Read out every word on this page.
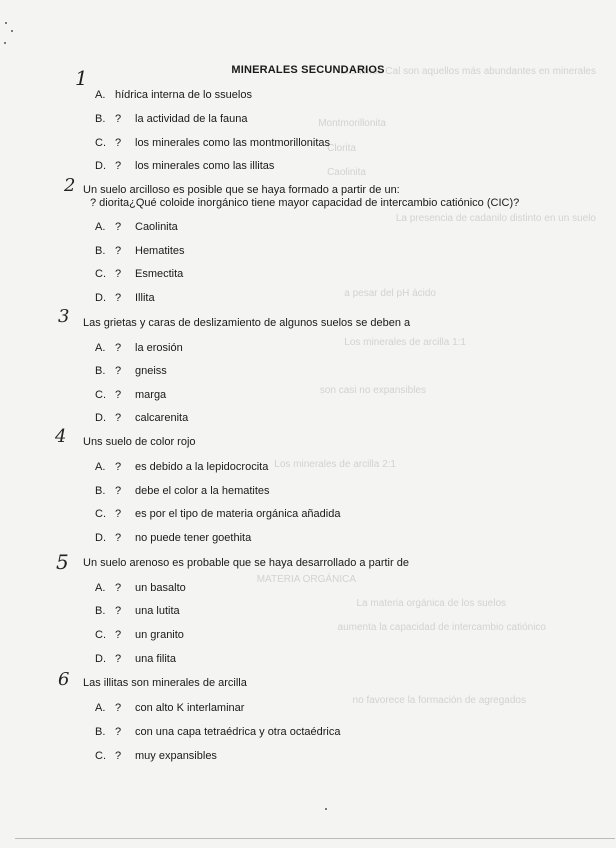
Los limos Cal son aquellos más abundantes en minerales
Montmorillonita
Clorita
Caolinita
La presencia de cadanilo distinto en un suelo
a pesar del pH ácido
Los minerales de arcilla 1:1
son casi no expansibles
Los minerales de arcilla 2:1
MATERIA ORGÁNICA
La materia orgánica de los suelos
aumenta la capacidad de intercambio catiónico
no favorece la formación de agregados
MINERALES SECUNDARIOS
1
A. hídrica interna de lo ssuelos
B. ? la actividad de la fauna
C. ? los minerales como las montmorillonitas
D. ? los minerales como las illitas
2 Un suelo arcilloso es posible que se haya formado a partir de un:
? diorita¿Qué coloide inorgánico tiene mayor capacidad de intercambio catiónico (CIC)?
A. ? Caolinita
B. ? Hematites
C. ? Esmectita
D. ? Illita
3 Las grietas y caras de deslizamiento de algunos suelos se deben a
A. ? la erosión
B. ? gneiss
C. ? marga
D. ? calcarenita
4 Uns suelo de color rojo
A. ? es debido a la lepidocrocita
B. ? debe el color a la hematites
C. ? es por el tipo de materia orgánica añadida
D. ? no puede tener goethita
5 Un suelo arenoso es probable que se haya desarrollado a partir de
A. ? un basalto
B. ? una lutita
C. ? un granito
D. ? una filita
6 Las illitas son minerales de arcilla
A. ? con alto K interlaminar
B. ? con una capa tetraédrica y otra octaédrica
C. ? muy expansibles
